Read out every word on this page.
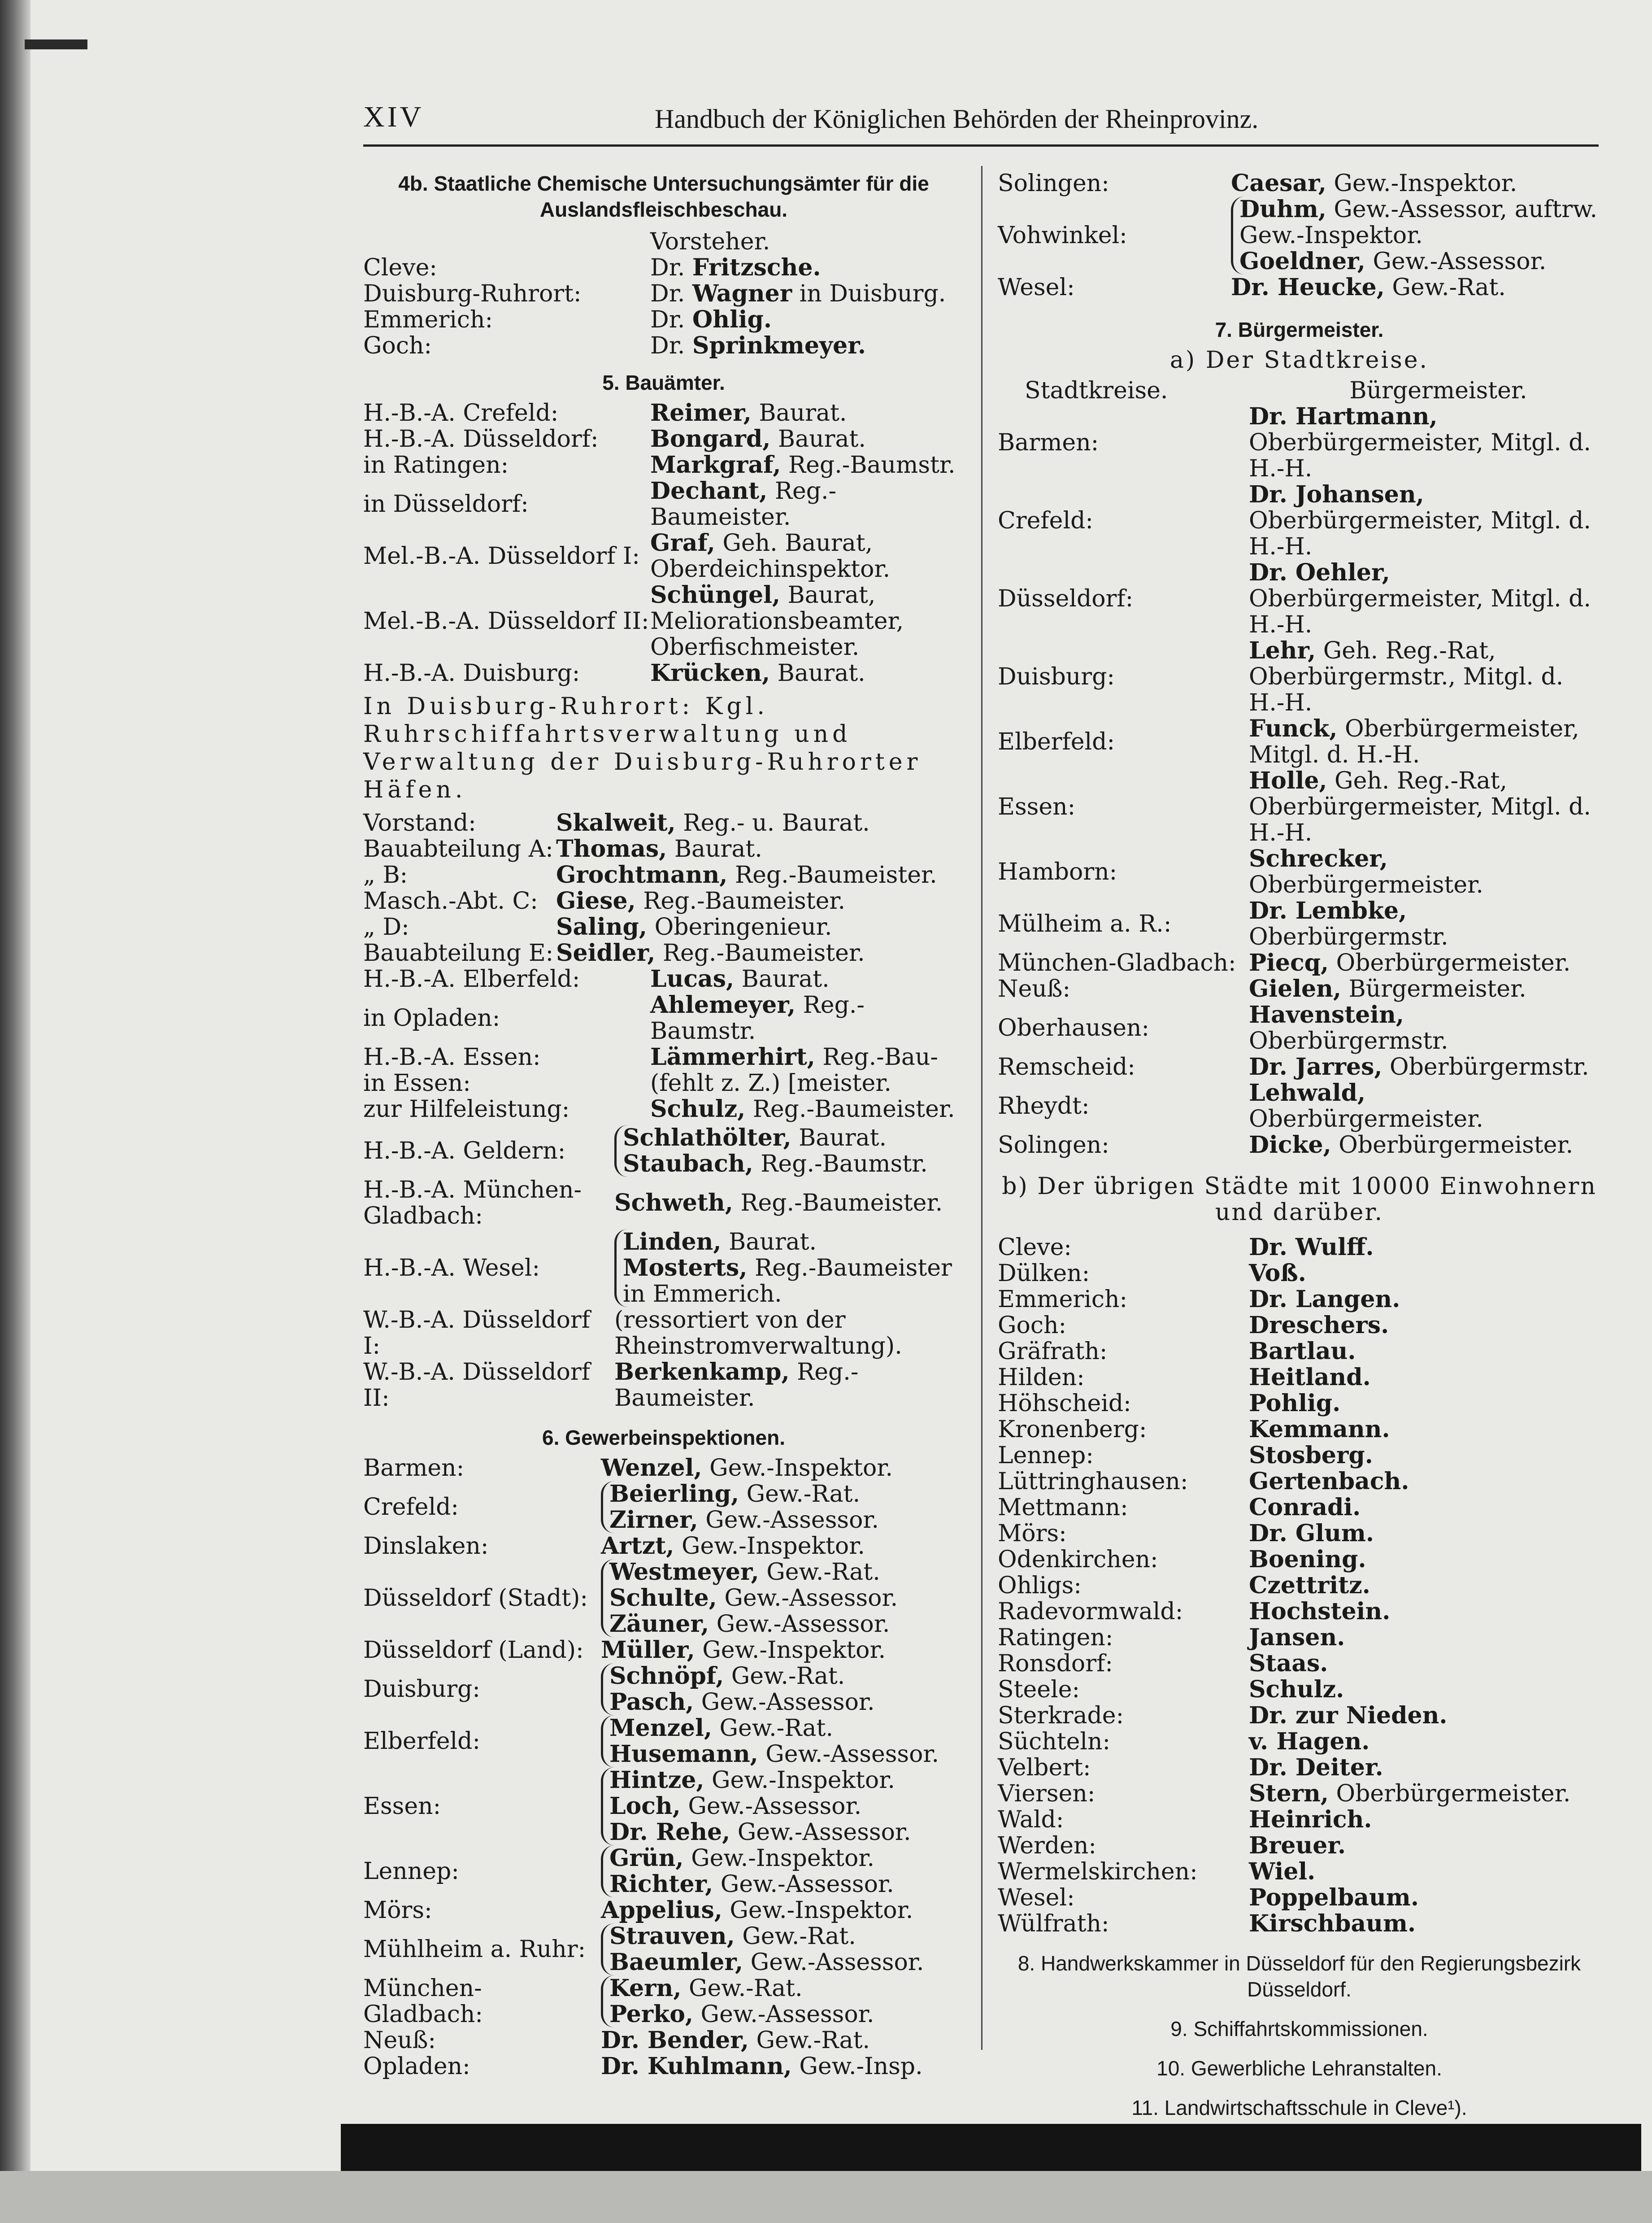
XIV	Handbuch der Königlichen Behörden der Rheinprovinz.
4b. Staatliche Chemische Untersuchungsämter für die Auslandsfleischbeschau.
Vorsteher.
Cleve:	Dr. Fritzsche.
Duisburg-Ruhrort:	Dr. Wagner in Duisburg.
Emmerich:	Dr. Ohlig.
Goch:	Dr. Sprinkmeyer.
5. Bauämter.
H.-B.-A. Crefeld:	Reimer, Baurat.
H.-B.-A. Düsseldorf:	Bongard, Baurat.
in Ratingen:	Markgraf, Reg.-Baumstr.
in Düsseldorf:	Dechant, Reg.-Baumeister.
Mel.-B.-A. Düsseldorf I:	Graf, Geh. Baurat, Oberdeichinspektor.
Mel.-B.-A. Düsseldorf II:	Schüngel, Baurat, Meliorationsbeamter, Oberfischmeister.
H.-B.-A. Duisburg:	Krücken, Baurat.
In Duisburg-Ruhrort: Kgl. Ruhrschiffahrtsverwaltung und Verwaltung der Duisburg-Ruhrorter Häfen.
Vorstand:	Skalweit, Reg.- u. Baurat.
Bauabteilung A:	Thomas, Baurat.
„ B:	Grochtmann, Reg.-Baumeister.
Masch.-Abt. C:	Giese, Reg.-Baumeister.
„ D:	Saling, Oberingenieur.
Bauabteilung E:	Seidler, Reg.-Baumeister.
H.-B.-A. Elberfeld:	Lucas, Baurat.
in Opladen:	Ahlemeyer, Reg.-Baumstr.
H.-B.-A. Essen:	Lämmerhirt, Reg.-Bau-
in Essen:	(fehlt z. Z.) [meister.
zur Hilfeleistung:	Schulz, Reg.-Baumeister.
H.-B.-A. Geldern:	Schlathölter, Baurat.
Staubach, Reg.-Baumstr.

H.-B.-A. München-Gladbach:	Schweth, Reg.-Baumeister.

H.-B.-A. Wesel:	Linden, Baurat.
Mosterts, Reg.-Baumeister in Emmerich.

W.-B.-A. Düsseldorf I:	(ressortiert von der Rheinstromverwaltung).

W.-B.-A. Düsseldorf II:	Berkenkamp, Reg.-Baumeister.
6. Gewerbeinspektionen.
Barmen:	Wenzel, Gew.-Inspektor.

Crefeld:	Beierling, Gew.-Rat.
Zirner, Gew.-Assessor.

Dinslaken:	Artzt, Gew.-Inspektor.

Düsseldorf (Stadt):	Westmeyer, Gew.-Rat.
Schulte, Gew.-Assessor.
Zäuner, Gew.-Assessor.

Düsseldorf (Land):	Müller, Gew.-Inspektor.

Duisburg:	Schnöpf, Gew.-Rat.
Pasch, Gew.-Assessor.

Elberfeld:	Menzel, Gew.-Rat.
Husemann, Gew.-Assessor.

Essen:	Hintze, Gew.-Inspektor.
Loch, Gew.-Assessor.
Dr. Rehe, Gew.-Assessor.

Lennep:	Grün, Gew.-Inspektor.
Richter, Gew.-Assessor.

Mörs:	Appelius, Gew.-Inspektor.

Mühlheim a. Ruhr:	Strauven, Gew.-Rat.
Baeumler, Gew.-Assessor.

München-Gladbach:	Kern, Gew.-Rat.
Perko, Gew.-Assessor.

Neuß:	Dr. Bender, Gew.-Rat.

Opladen:	Dr. Kuhlmann, Gew.-Insp.
Solingen:	Caesar, Gew.-Inspektor.

Vohwinkel:	Duhm, Gew.-Assessor, auftrw. Gew.-Inspektor.
Goeldner, Gew.-Assessor.

Wesel:	Dr. Heucke, Gew.-Rat.
7. Bürgermeister.
a) Der Stadtkreise.
Stadtkreise.	Bürgermeister.
Barmen:	Dr. Hartmann, Oberbürgermeister, Mitgl. d. H.-H.
Crefeld:	Dr. Johansen, Oberbürgermeister, Mitgl. d. H.-H.
Düsseldorf:	Dr. Oehler, Oberbürgermeister, Mitgl. d. H.-H.
Duisburg:	Lehr, Geh. Reg.-Rat, Oberbürgermstr., Mitgl. d. H.-H.
Elberfeld:	Funck, Oberbürgermeister, Mitgl. d. H.-H.
Essen:	Holle, Geh. Reg.-Rat, Oberbürgermeister, Mitgl. d. H.-H.
Hamborn:	Schrecker, Oberbürgermeister.
Mülheim a. R.:	Dr. Lembke, Oberbürgermstr.
München-Gladbach:	Piecq, Oberbürgermeister.
Neuß:	Gielen, Bürgermeister.
Oberhausen:	Havenstein, Oberbürgermstr.
Remscheid:	Dr. Jarres, Oberbürgermstr.
Rheydt:	Lehwald, Oberbürgermeister.
Solingen:	Dicke, Oberbürgermeister.
b) Der übrigen Städte mit 10000 Einwohnern und darüber.
Cleve:	Dr. Wulff.
Dülken:	Voß.
Emmerich:	Dr. Langen.
Goch:	Dreschers.
Gräfrath:	Bartlau.
Hilden:	Heitland.
Höhscheid:	Pohlig.
Kronenberg:	Kemmann.
Lennep:	Stosberg.
Lüttringhausen:	Gertenbach.
Mettmann:	Conradi.
Mörs:	Dr. Glum.
Odenkirchen:	Boening.
Ohligs:	Czettritz.
Radevormwald:	Hochstein.
Ratingen:	Jansen.
Ronsdorf:	Staas.
Steele:	Schulz.
Sterkrade:	Dr. zur Nieden.
Süchteln:	v. Hagen.
Velbert:	Dr. Deiter.
Viersen:	Stern, Oberbürgermeister.
Wald:	Heinrich.
Werden:	Breuer.
Wermelskirchen:	Wiel.
Wesel:	Poppelbaum.
Wülfrath:	Kirschbaum.
8. Handwerkskammer in Düsseldorf für den Regierungsbezirk Düsseldorf.
9. Schiffahrtskommissionen.
10. Gewerbliche Lehranstalten.
11. Landwirtschaftsschule in Cleve¹).
